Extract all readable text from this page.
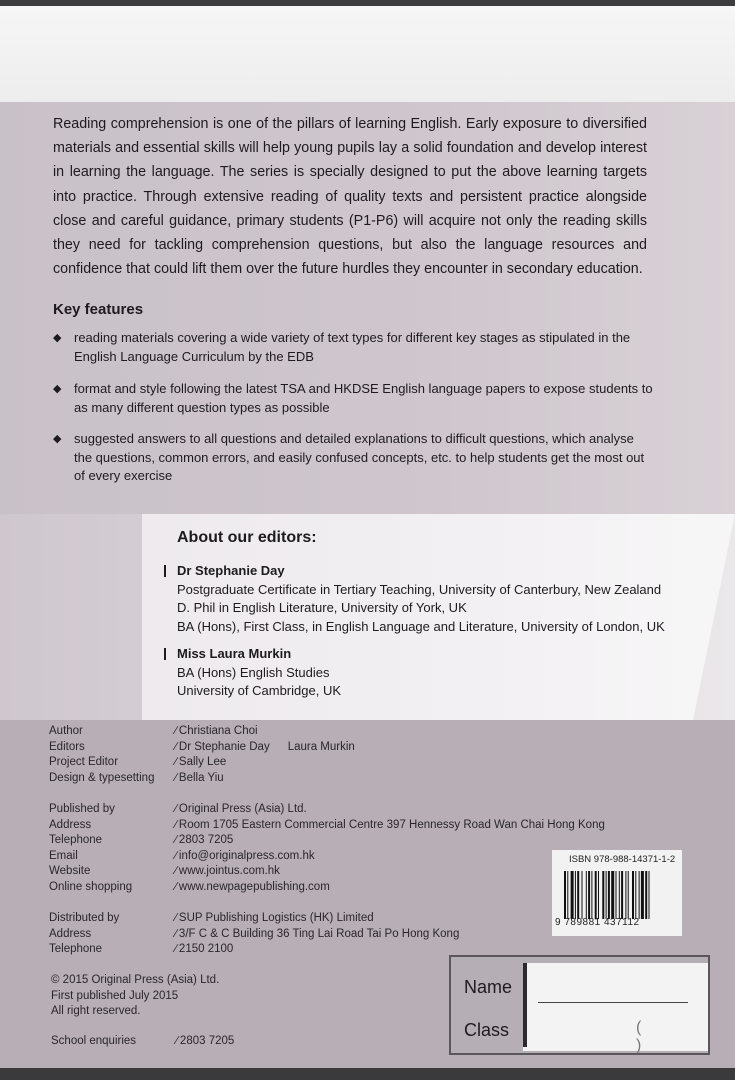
Reading comprehension is one of the pillars of learning English. Early exposure to diversified materials and essential skills will help young pupils lay a solid foundation and develop interest in learning the language. The series is specially designed to put the above learning targets into practice. Through extensive reading of quality texts and persistent practice alongside close and careful guidance, primary students (P1-P6) will acquire not only the reading skills they need for tackling comprehension questions, but also the language resources and confidence that could lift them over the future hurdles they encounter in secondary education.

Key features
◆ reading materials covering a wide variety of text types for different key stages as stipulated in the English Language Curriculum by the EDB
◆ format and style following the latest TSA and HKDSE English language papers to expose students to as many different question types as possible
◆ suggested answers to all questions and detailed explanations to difficult questions, which analyse the questions, common errors, and easily confused concepts, etc. to help students get the most out of every exercise
About our editors:
Dr Stephanie Day
Postgraduate Certificate in Tertiary Teaching, University of Canterbury, New Zealand
D. Phil in English Literature, University of York, UK
BA (Hons), First Class, in English Language and Literature, University of London, UK
Miss Laura Murkin
BA (Hons) English Studies
University of Cambridge, UK
Author	∕ Christiana Choi
Editors	∕ Dr Stephanie Day Laura Murkin
Project Editor	∕ Sally Lee
Design & typesetting	∕ Bella Yiu
Published by	∕ Original Press (Asia) Ltd.
Address	∕ Room 1705 Eastern Commercial Centre 397 Hennessy Road Wan Chai Hong Kong
Telephone	∕ 2803 7205
Email	∕ info@originalpress.com.hk
Website	∕ www.jointus.com.hk
Online shopping	∕ www.newpagepublishing.com
Distributed by	∕ SUP Publishing Logistics (HK) Limited
Address	∕ 3/F C & C Building 36 Ting Lai Road Tai Po Hong Kong
Telephone	∕ 2150 2100
© 2015 Original Press (Asia) Ltd.
First published July 2015
All right reserved.
School enquiries	∕ 2803 7205
ISBN 978-988-14371-1-2
9 789881 437112
Name
Class	( )
